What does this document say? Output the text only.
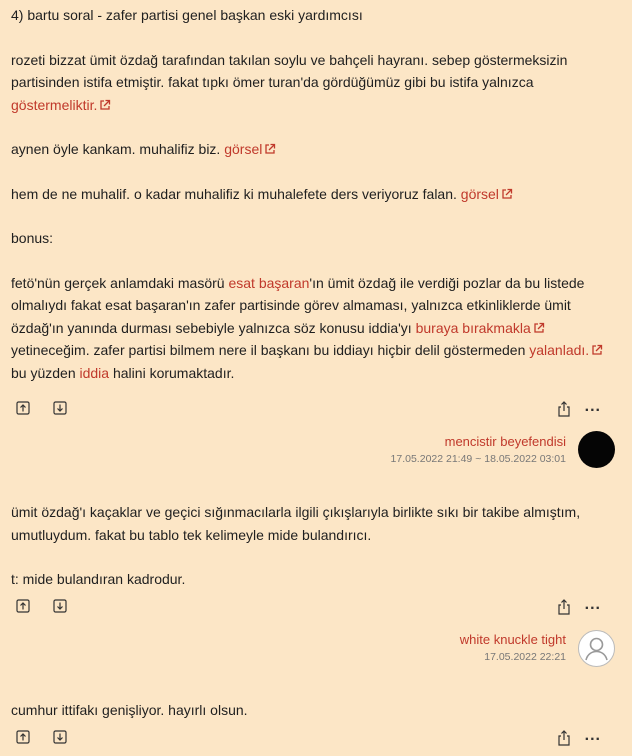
4) bartu soral - zafer partisi genel başkan eski yardımcısı

rozeti bizzat ümit özdağ tarafından takılan soylu ve bahçeli hayranı. sebep göstermeksizin partisinden istifa etmiştir. fakat tıpkı ömer turan'da gördüğümüz gibi bu istifa yalnızca göstermeliktir.

aynen öyle kankam. muhalifiz biz. görsel

hem de ne muhalif. o kadar muhalifiz ki muhalefete ders veriyoruz falan. görsel

bonus:

fetö'nün gerçek anlamdaki masörü esat başaran'ın ümit özdağ ile verdiği pozlar da bu listede olmalıydı fakat esat başaran'ın zafer partisinde görev almaması, yalnızca etkinliklerde ümit özdağ'ın yanında durması sebebiyle yalnızca söz konusu iddia'yı buraya bırakmakla
yetineceğim. zafer partisi bilmem nere il başkanı bu iddiayı hiçbir delil göstermeden yalanladı.
bu yüzden iddia halini korumaktadır.

...
mencistir beyefendisi
17.05.2022 21:49 ~ 18.05.2022 03:01

ümit özdağ'ı kaçaklar ve geçici sığınmacılarla ilgili çıkışlarıyla birlikte sıkı bir takibe almıştım, umutluydum. fakat bu tablo tek kelimeyle mide bulandırıcı.

t: mide bulandıran kadrodur.

...
white knuckle tight
17.05.2022 22:21

cumhur ittifakı genişliyor. hayırlı olsun.

...
